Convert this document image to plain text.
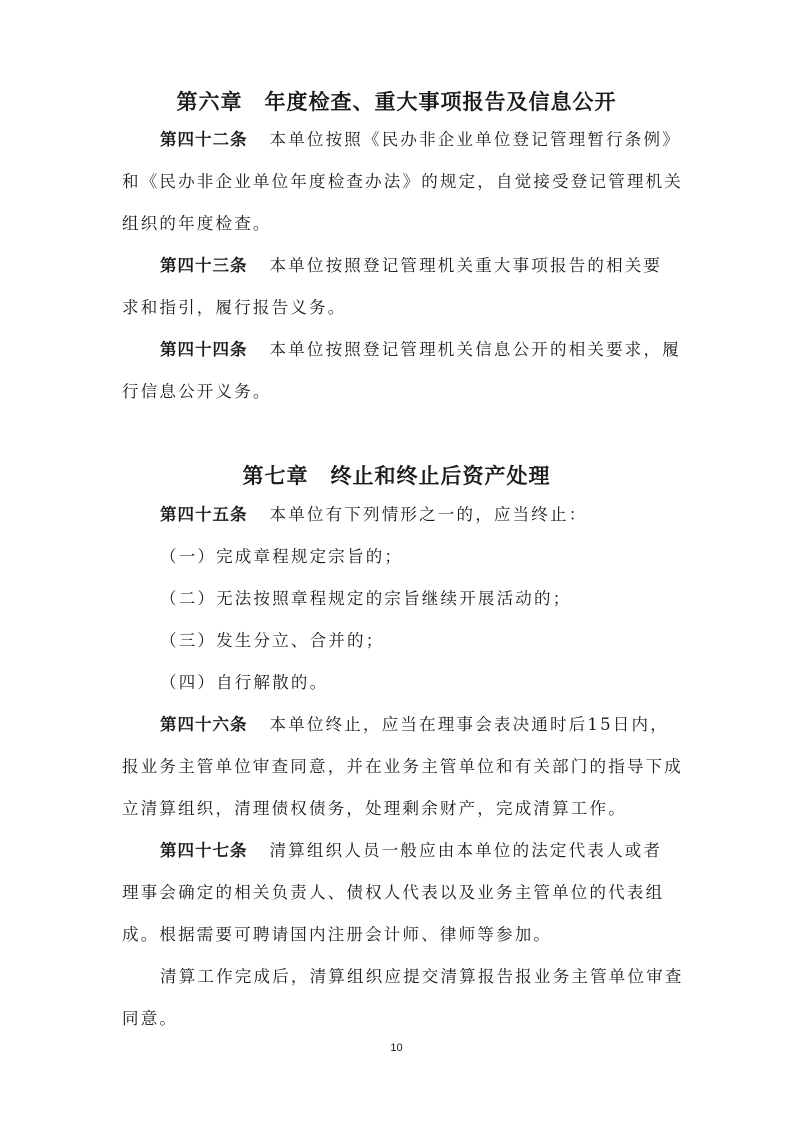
第六章　年度检查、重大事项报告及信息公开
第四十二条 本单位按照《民办非企业单位登记管理暂行条例》
和《民办非企业单位年度检查办法》的规定，自觉接受登记管理机关
组织的年度检查。
第四十三条 本单位按照登记管理机关重大事项报告的相关要
求和指引，履行报告义务。
第四十四条 本单位按照登记管理机关信息公开的相关要求，履
行信息公开义务。
第七章　终止和终止后资产处理
第四十五条 本单位有下列情形之一的，应当终止：
（一）完成章程规定宗旨的；
（二）无法按照章程规定的宗旨继续开展活动的；
（三）发生分立、合并的；
（四）自行解散的。
第四十六条 本单位终止，应当在理事会表决通时后15日内，
报业务主管单位审查同意，并在业务主管单位和有关部门的指导下成
立清算组织，清理债权债务，处理剩余财产，完成清算工作。
第四十七条 清算组织人员一般应由本单位的法定代表人或者
理事会确定的相关负责人、债权人代表以及业务主管单位的代表组
成。根据需要可聘请国内注册会计师、律师等参加。
清算工作完成后，清算组织应提交清算报告报业务主管单位审查
同意。
10
